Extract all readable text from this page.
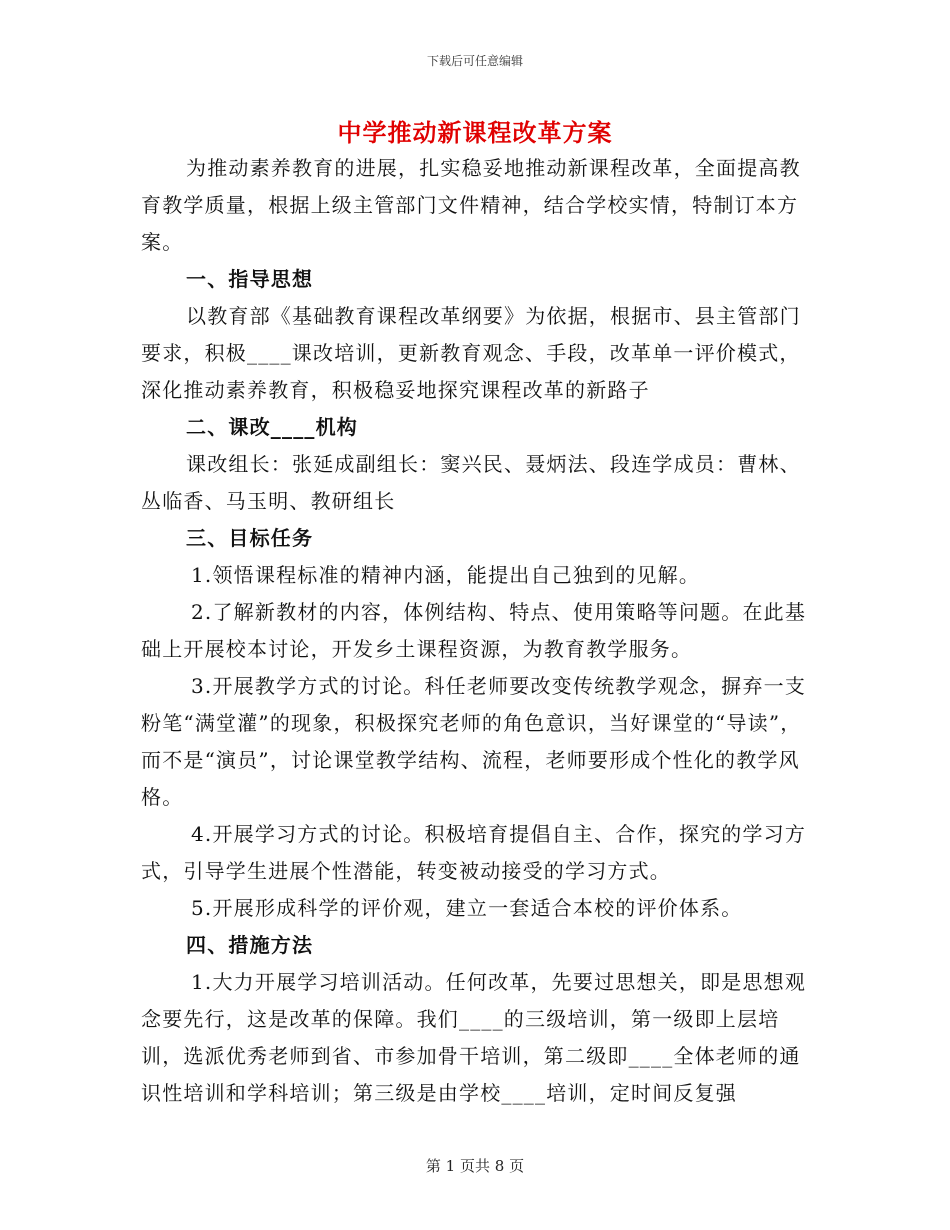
下载后可任意编辑
中学推动新课程改革方案

为推动素养教育的进展，扎实稳妥地推动新课程改革，全面提高教育教学质量，根据上级主管部门文件精神，结合学校实情，特制订本方案。

一、指导思想

以教育部《基础教育课程改革纲要》为依据，根据市、县主管部门要求，积极____课改培训，更新教育观念、手段，改革单一评价模式，深化推动素养教育，积极稳妥地探究课程改革的新路子

二、课改____机构

课改组长：张延成副组长：窦兴民、聂炳法、段连学成员：曹林、丛临香、马玉明、教研组长

三、目标任务

1.领悟课程标准的精神内涵，能提出自己独到的见解。

2.了解新教材的内容，体例结构、特点、使用策略等问题。在此基础上开展校本讨论，开发乡土课程资源，为教育教学服务。

3.开展教学方式的讨论。科任老师要改变传统教学观念，摒弃一支粉笔“满堂灌”的现象，积极探究老师的角色意识，当好课堂的“导读”，而不是“演员”，讨论课堂教学结构、流程，老师要形成个性化的教学风格。

4.开展学习方式的讨论。积极培育提倡自主、合作，探究的学习方式，引导学生进展个性潜能，转变被动接受的学习方式。

5.开展形成科学的评价观，建立一套适合本校的评价体系。

四、措施方法

1.大力开展学习培训活动。任何改革，先要过思想关，即是思想观念要先行，这是改革的保障。我们____的三级培训，第一级即上层培训，选派优秀老师到省、市参加骨干培训，第二级即____全体老师的通识性培训和学科培训；第三级是由学校____培训，定时间反复强

第 1 页共 8 页
